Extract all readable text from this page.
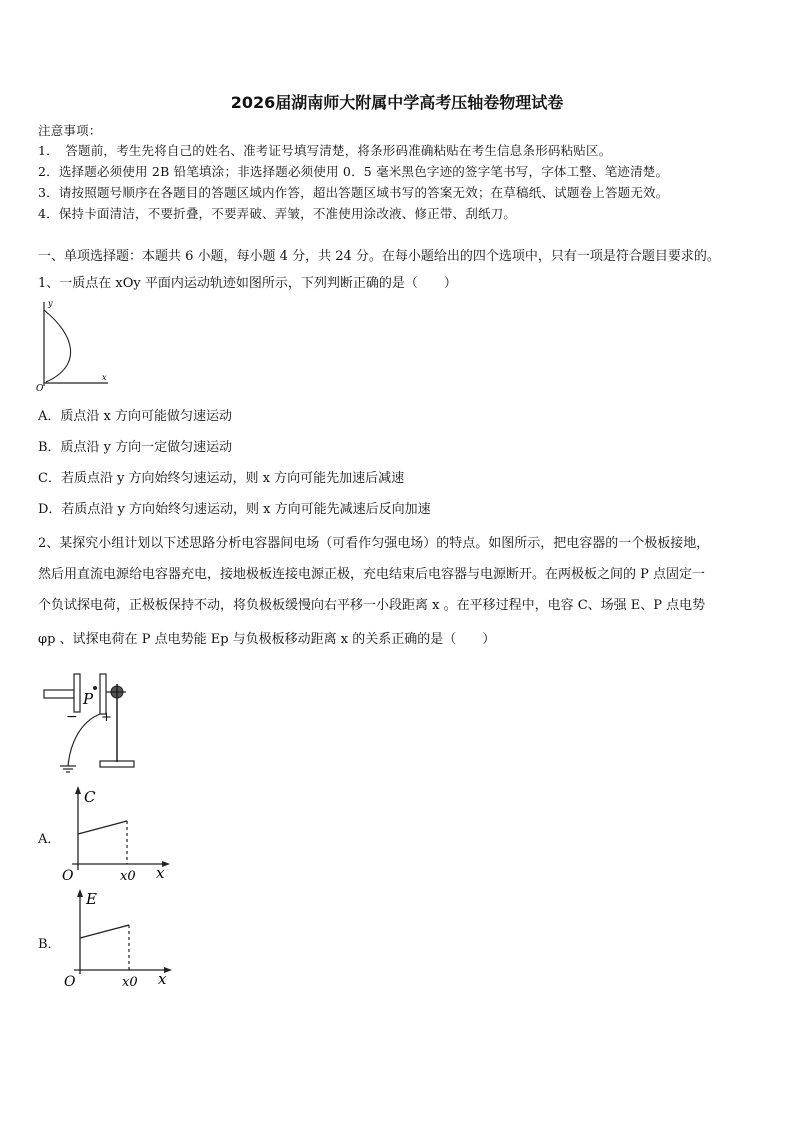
2026届湖南师大附属中学高考压轴卷物理试卷
注意事项：
1．　答题前，考生先将自己的姓名、准考证号填写清楚，将条形码准确粘贴在考生信息条形码粘贴区。
2．选择题必须使用 2B 铅笔填涂；非选择题必须使用 0．5 毫米黑色字迹的签字笔书写，字体工整、笔迹清楚。
3．请按照题号顺序在各题目的答题区域内作答，超出答题区域书写的答案无效；在草稿纸、试题卷上答题无效。
4．保持卡面清洁，不要折叠，不要弄破、弄皱，不准使用涂改液、修正带、刮纸刀。
一、单项选择题：本题共 6 小题，每小题 4 分，共 24 分。在每小题给出的四个选项中，只有一项是符合题目要求的。
1、一质点在 xOy 平面内运动轨迹如图所示，下列判断正确的是（　　）
y
x
O
A．质点沿 x 方向可能做匀速运动
B．质点沿 y 方向一定做匀速运动
C．若质点沿 y 方向始终匀速运动，则 x 方向可能先加速后减速
D．若质点沿 y 方向始终匀速运动，则 x 方向可能先减速后反向加速
2、某探究小组计划以下述思路分析电容器间电场（可看作匀强电场）的特点。如图所示，把电容器的一个极板接地，
然后用直流电源给电容器充电，接地极板连接电源正极，充电结束后电容器与电源断开。在两极板之间的 P 点固定一
个负试探电荷，正极板保持不动，将负极板缓慢向右平移一小段距离 x 。在平移过程中，电容 C、场强 E、P 点电势
φp 、试探电荷在 P 点电势能 Ep 与负极板移动距离 x 的关系正确的是（　　）
P
− +
A．
C
O	x0 x
B．
E
O	x0 x
